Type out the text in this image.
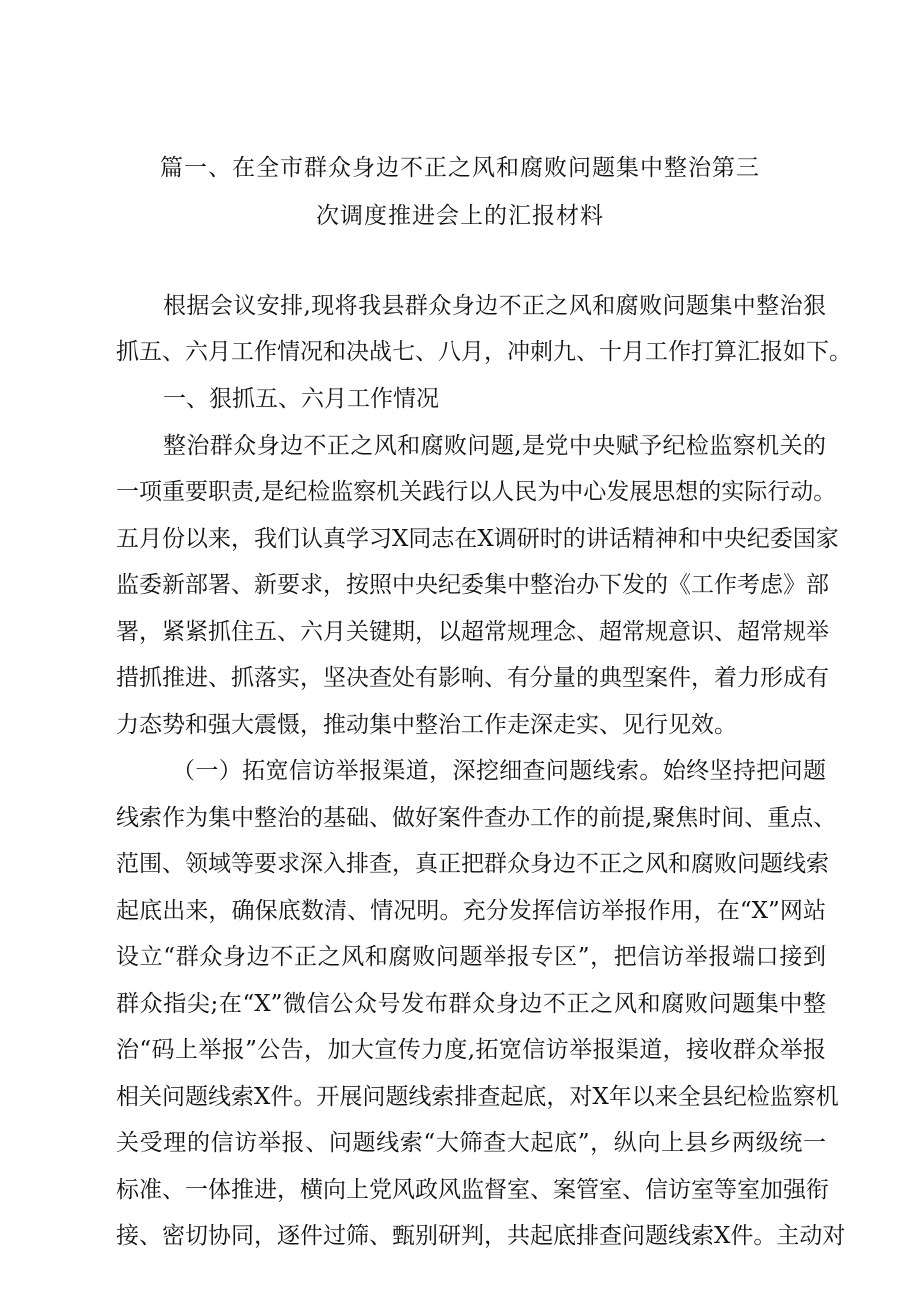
篇一、在全市群众身边不正之风和腐败问题集中整治第三
次调度推进会上的汇报材料
根据会议安排,现将我县群众身边不正之风和腐败问题集中整治狠
抓五、六月工作情况和决战七、八月，冲刺九、十月工作打算汇报如下。
一、狠抓五、六月工作情况
整治群众身边不正之风和腐败问题,是党中央赋予纪检监察机关的
一项重要职责,是纪检监察机关践行以人民为中心发展思想的实际行动。
五月份以来，我们认真学习X同志在X调研时的讲话精神和中央纪委国家
监委新部署、新要求，按照中央纪委集中整治办下发的《工作考虑》部
署，紧紧抓住五、六月关键期，以超常规理念、超常规意识、超常规举
措抓推进、抓落实，坚决查处有影响、有分量的典型案件，着力形成有
力态势和强大震慑，推动集中整治工作走深走实、见行见效。
（一）拓宽信访举报渠道，深挖细查问题线索。始终坚持把问题
线索作为集中整治的基础、做好案件查办工作的前提,聚焦时间、重点、
范围、领域等要求深入排查，真正把群众身边不正之风和腐败问题线索
起底出来，确保底数清、情况明。充分发挥信访举报作用，在“X”网站
设立“群众身边不正之风和腐败问题举报专区”，把信访举报端口接到
群众指尖;在“X”微信公众号发布群众身边不正之风和腐败问题集中整
治“码上举报”公告，加大宣传力度,拓宽信访举报渠道，接收群众举报
相关问题线索X件。开展问题线索排查起底，对X年以来全县纪检监察机
关受理的信访举报、问题线索“大筛查大起底”，纵向上县乡两级统一
标准、一体推进，横向上党风政风监督室、案管室、信访室等室加强衔
接、密切协同，逐件过筛、甄别研判，共起底排查问题线索X件。主动对
